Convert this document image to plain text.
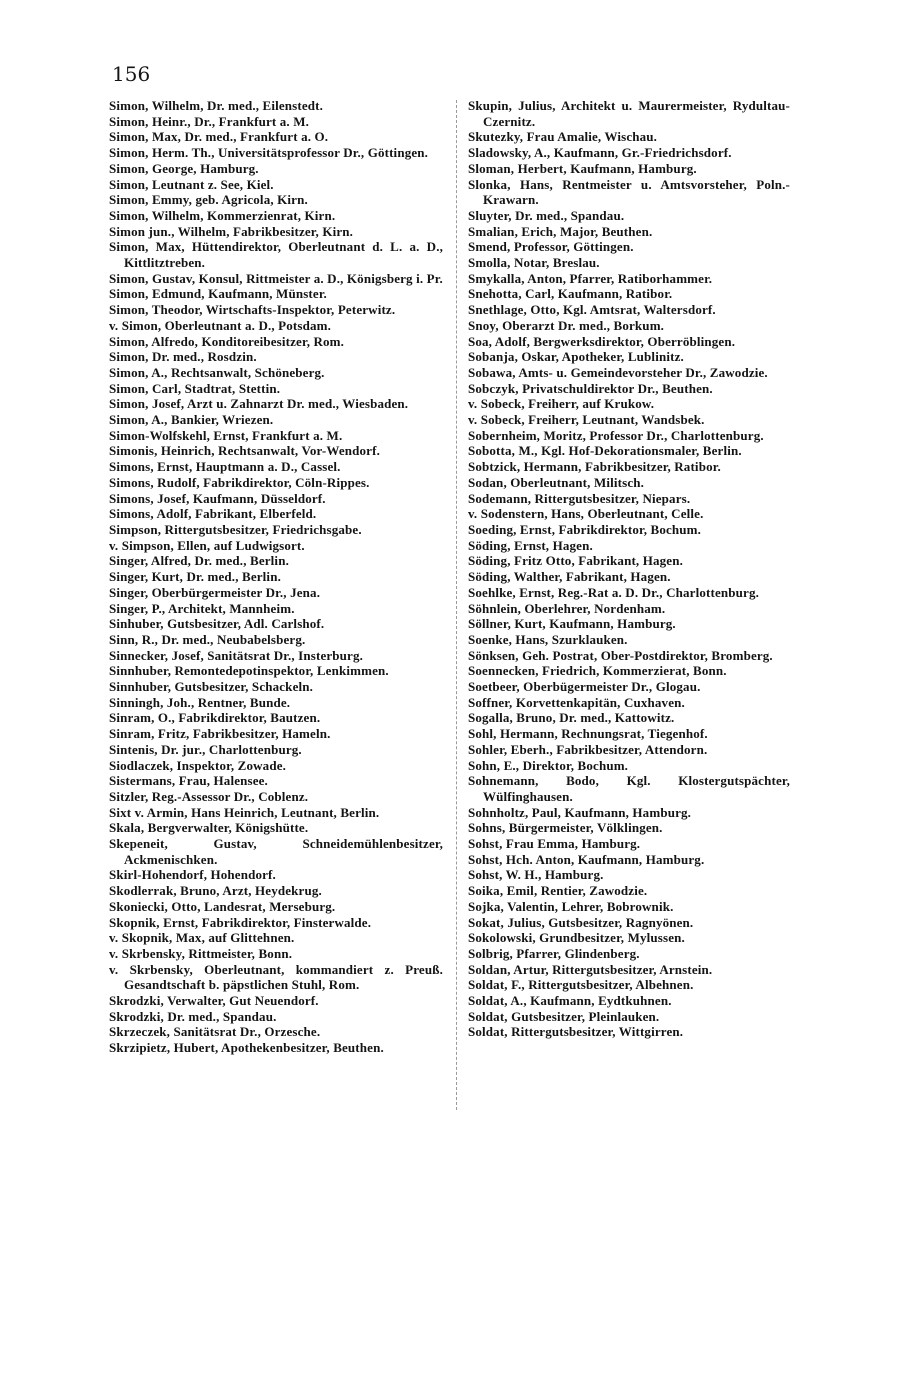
156

Simon, Wilhelm, Dr. med., Eilenstedt.

Simon, Heinr., Dr., Frankfurt a. M.

Simon, Max, Dr. med., Frankfurt a. O.

Simon, Herm. Th., Universitätsprofessor Dr., Göttingen.

Simon, George, Hamburg.

Simon, Leutnant z. See, Kiel.

Simon, Emmy, geb. Agricola, Kirn.

Simon, Wilhelm, Kommerzienrat, Kirn.

Simon jun., Wilhelm, Fabrikbesitzer, Kirn.

Simon, Max, Hüttendirektor, Oberleutnant d. L. a. D., Kittlitztreben.

Simon, Gustav, Konsul, Rittmeister a. D., Königsberg i. Pr.

Simon, Edmund, Kaufmann, Münster.

Simon, Theodor, Wirtschafts-Inspektor, Peterwitz.

v. Simon, Oberleutnant a. D., Potsdam.

Simon, Alfredo, Konditoreibesitzer, Rom.

Simon, Dr. med., Rosdzin.

Simon, A., Rechtsanwalt, Schöneberg.

Simon, Carl, Stadtrat, Stettin.

Simon, Josef, Arzt u. Zahnarzt Dr. med., Wiesbaden.

Simon, A., Bankier, Wriezen.

Simon-Wolfskehl, Ernst, Frankfurt a. M.

Simonis, Heinrich, Rechtsanwalt, Vor-Wendorf.

Simons, Ernst, Hauptmann a. D., Cassel.

Simons, Rudolf, Fabrikdirektor, Cöln-Rippes.

Simons, Josef, Kaufmann, Düsseldorf.

Simons, Adolf, Fabrikant, Elberfeld.

Simpson, Rittergutsbesitzer, Friedrichsgabe.

v. Simpson, Ellen, auf Ludwigsort.

Singer, Alfred, Dr. med., Berlin.

Singer, Kurt, Dr. med., Berlin.

Singer, Oberbürgermeister Dr., Jena.

Singer, P., Architekt, Mannheim.

Sinhuber, Gutsbesitzer, Adl. Carlshof.

Sinn, R., Dr. med., Neubabelsberg.

Sinnecker, Josef, Sanitätsrat Dr., Insterburg.

Sinnhuber, Remontedepotinspektor, Lenkimmen.

Sinnhuber, Gutsbesitzer, Schackeln.

Sinningh, Joh., Rentner, Bunde.

Sinram, O., Fabrikdirektor, Bautzen.

Sinram, Fritz, Fabrikbesitzer, Hameln.

Sintenis, Dr. jur., Charlottenburg.

Siodlaczek, Inspektor, Zowade.

Sistermans, Frau, Halensee.

Sitzler, Reg.-Assessor Dr., Coblenz.

Sixt v. Armin, Hans Heinrich, Leutnant, Berlin.

Skala, Bergverwalter, Königshütte.

Skepeneit, Gustav, Schneidemühlenbesitzer, Ackmenischken.

Skirl-Hohendorf, Hohendorf.

Skodlerrak, Bruno, Arzt, Heydekrug.

Skoniecki, Otto, Landesrat, Merseburg.

Skopnik, Ernst, Fabrikdirektor, Finsterwalde.

v. Skopnik, Max, auf Glittehnen.

v. Skrbensky, Rittmeister, Bonn.

v. Skrbensky, Oberleutnant, kommandiert z. Preuß. Gesandtschaft b. päpstlichen Stuhl, Rom.

Skrodzki, Verwalter, Gut Neuendorf.

Skrodzki, Dr. med., Spandau.

Skrzeczek, Sanitätsrat Dr., Orzesche.

Skrzipietz, Hubert, Apothekenbesitzer, Beuthen.

Skupin, Julius, Architekt u. Maurermeister, Rydultau-Czernitz.

Skutezky, Frau Amalie, Wischau.

Sladowsky, A., Kaufmann, Gr.-Friedrichsdorf.

Sloman, Herbert, Kaufmann, Hamburg.

Slonka, Hans, Rentmeister u. Amtsvorsteher, Poln.-Krawarn.

Sluyter, Dr. med., Spandau.

Smalian, Erich, Major, Beuthen.

Smend, Professor, Göttingen.

Smolla, Notar, Breslau.

Smykalla, Anton, Pfarrer, Ratiborhammer.

Snehotta, Carl, Kaufmann, Ratibor.

Snethlage, Otto, Kgl. Amtsrat, Waltersdorf.

Snoy, Oberarzt Dr. med., Borkum.

Soa, Adolf, Bergwerksdirektor, Oberröblingen.

Sobanja, Oskar, Apotheker, Lublinitz.

Sobawa, Amts- u. Gemeindevorsteher Dr., Zawodzie.

Sobczyk, Privatschuldirektor Dr., Beuthen.

v. Sobeck, Freiherr, auf Krukow.

v. Sobeck, Freiherr, Leutnant, Wandsbek.

Sobernheim, Moritz, Professor Dr., Charlottenburg.

Sobotta, M., Kgl. Hof-Dekorationsmaler, Berlin.

Sobtzick, Hermann, Fabrikbesitzer, Ratibor.

Sodan, Oberleutnant, Militsch.

Sodemann, Rittergutsbesitzer, Niepars.

v. Sodenstern, Hans, Oberleutnant, Celle.

Soeding, Ernst, Fabrikdirektor, Bochum.

Söding, Ernst, Hagen.

Söding, Fritz Otto, Fabrikant, Hagen.

Söding, Walther, Fabrikant, Hagen.

Soehlke, Ernst, Reg.-Rat a. D. Dr., Charlottenburg.

Söhnlein, Oberlehrer, Nordenham.

Söllner, Kurt, Kaufmann, Hamburg.

Soenke, Hans, Szurklauken.

Sönksen, Geh. Postrat, Ober-Postdirektor, Bromberg.

Soennecken, Friedrich, Kommerzierat, Bonn.

Soetbeer, Oberbügermeister Dr., Glogau.

Soffner, Korvettenkapitän, Cuxhaven.

Sogalla, Bruno, Dr. med., Kattowitz.

Sohl, Hermann, Rechnungsrat, Tiegenhof.

Sohler, Eberh., Fabrikbesitzer, Attendorn.

Sohn, E., Direktor, Bochum.

Sohnemann, Bodo, Kgl. Klostergutspächter, Wülfinghausen.

Sohnholtz, Paul, Kaufmann, Hamburg.

Sohns, Bürgermeister, Völklingen.

Sohst, Frau Emma, Hamburg.

Sohst, Hch. Anton, Kaufmann, Hamburg.

Sohst, W. H., Hamburg.

Soika, Emil, Rentier, Zawodzie.

Sojka, Valentin, Lehrer, Bobrownik.

Sokat, Julius, Gutsbesitzer, Ragnyönen.

Sokolowski, Grundbesitzer, Mylussen.

Solbrig, Pfarrer, Glindenberg.

Soldan, Artur, Rittergutsbesitzer, Arnstein.

Soldat, F., Rittergutsbesitzer, Albehnen.

Soldat, A., Kaufmann, Eydtkuhnen.

Soldat, Gutsbesitzer, Pleinlauken.

Soldat, Rittergutsbesitzer, Wittgirren.
